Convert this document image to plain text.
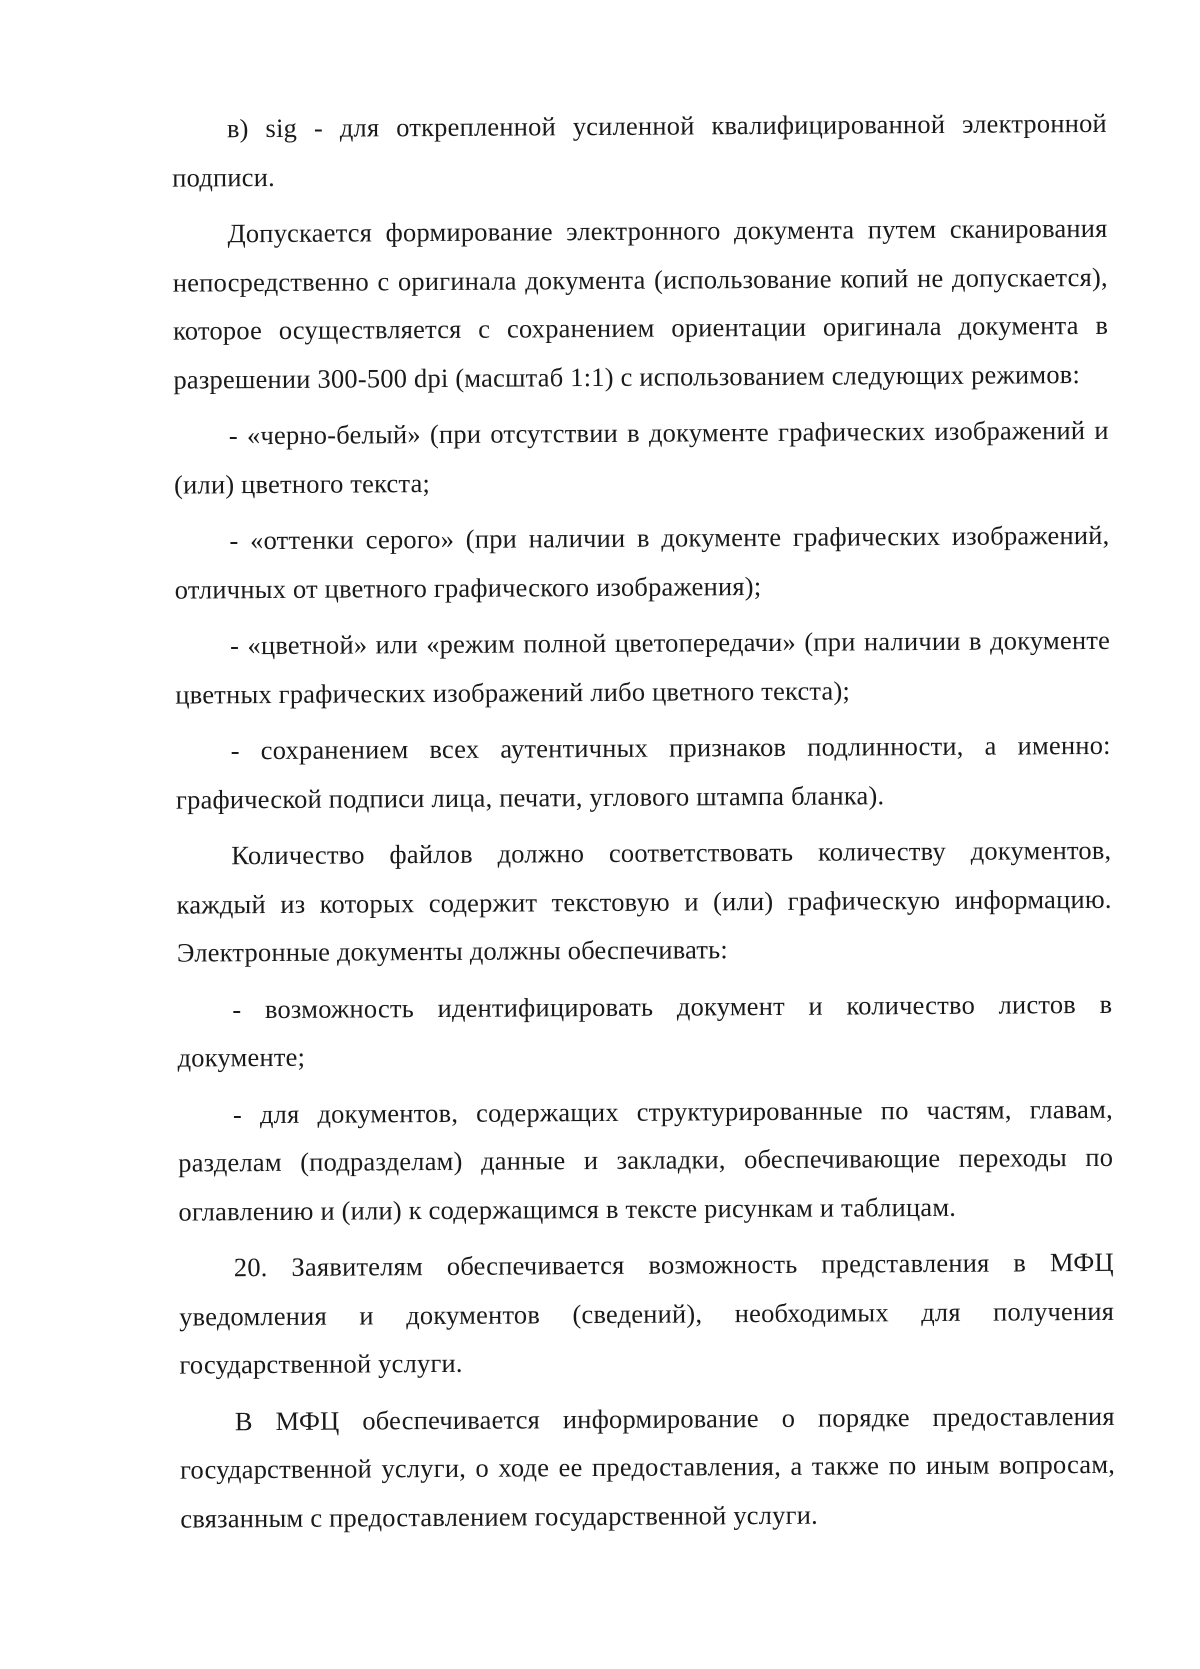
в) sig - для открепленной усиленной квалифицированной электронной подписи.

Допускается формирование электронного документа путем сканирования непосредственно с оригинала документа (использование копий не допускается), которое осуществляется с сохранением ориентации оригинала документа в разрешении 300-500 dpi (масштаб 1:1) с использованием следующих режимов:

- «черно-белый» (при отсутствии в документе графических изображений и (или) цветного текста;

- «оттенки серого» (при наличии в документе графических изображений, отличных от цветного графического изображения);

- «цветной» или «режим полной цветопередачи» (при наличии в документе цветных графических изображений либо цветного текста);

- сохранением всех аутентичных признаков подлинности, а именно: графической подписи лица, печати, углового штампа бланка).

Количество файлов должно соответствовать количеству документов, каждый из которых содержит текстовую и (или) графическую информацию. Электронные документы должны обеспечивать:

- возможность идентифицировать документ и количество листов в документе;

- для документов, содержащих структурированные по частям, главам, разделам (подразделам) данные и закладки, обеспечивающие переходы по оглавлению и (или) к содержащимся в тексте рисункам и таблицам.

20. Заявителям обеспечивается возможность представления в МФЦ уведомления и документов (сведений), необходимых для получения государственной услуги.

В МФЦ обеспечивается информирование о порядке предоставления государственной услуги, о ходе ее предоставления, а также по иным вопросам, связанным с предоставлением государственной услуги.
